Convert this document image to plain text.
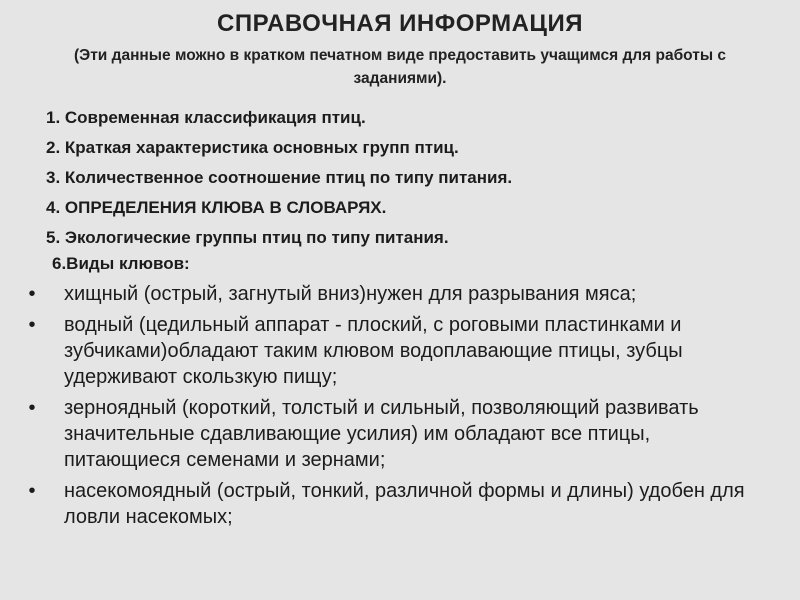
СПРАВОЧНАЯ ИНФОРМАЦИЯ
(Эти данные можно в кратком печатном виде предоставить учащимся для работы с заданиями).
1. Современная классификация птиц.
2. Краткая характеристика основных групп птиц.
3. Количественное соотношение птиц по типу питания.
4. ОПРЕДЕЛЕНИЯ КЛЮВА В СЛОВАРЯХ.
5. Экологические группы птиц по типу питания.
6.Виды клювов:
•	хищный (острый, загнутый вниз)нужен для разрывания мяса;
•	водный (цедильный аппарат - плоский, с роговыми пластинками и зубчиками)обладают таким клювом водоплавающие птицы, зубцы удерживают скользкую пищу;
•	зерноядный (короткий, толстый и сильный, позволяющий развивать значительные сдавливающие усилия) им обладают все птицы, питающиеся семенами и зернами;
•	насекомоядный (острый, тонкий, различной формы и длины) удобен для ловли насекомых;
